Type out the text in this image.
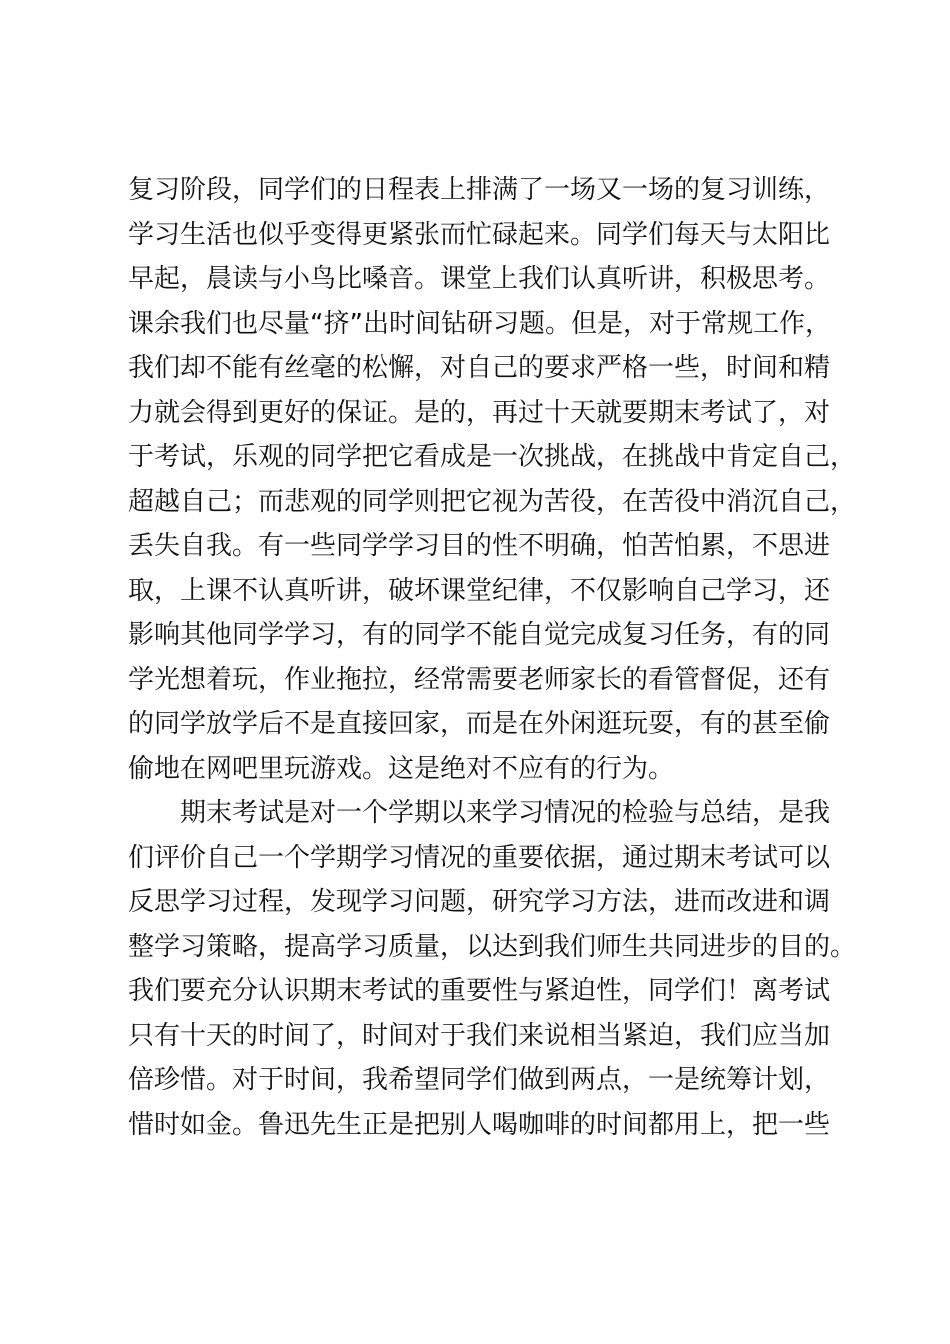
复习阶段，同学们的日程表上排满了一场又一场的复习训练，
学习生活也似乎变得更紧张而忙碌起来。同学们每天与太阳比
早起，晨读与小鸟比嗓音。课堂上我们认真听讲，积极思考。
课余我们也尽量“挤”出时间钻研习题。但是，对于常规工作，
我们却不能有丝毫的松懈，对自己的要求严格一些，时间和精
力就会得到更好的保证。是的，再过十天就要期末考试了，对
于考试，乐观的同学把它看成是一次挑战，在挑战中肯定自己，
超越自己；而悲观的同学则把它视为苦役，在苦役中消沉自己，
丢失自我。有一些同学学习目的性不明确，怕苦怕累，不思进
取，上课不认真听讲，破坏课堂纪律，不仅影响自己学习，还
影响其他同学学习，有的同学不能自觉完成复习任务，有的同
学光想着玩，作业拖拉，经常需要老师家长的看管督促，还有
的同学放学后不是直接回家，而是在外闲逛玩耍，有的甚至偷
偷地在网吧里玩游戏。这是绝对不应有的行为。
期末考试是对一个学期以来学习情况的检验与总结，是我
们评价自己一个学期学习情况的重要依据，通过期末考试可以
反思学习过程，发现学习问题，研究学习方法，进而改进和调
整学习策略，提高学习质量，以达到我们师生共同进步的目的。
我们要充分认识期末考试的重要性与紧迫性，同学们！离考试
只有十天的时间了，时间对于我们来说相当紧迫，我们应当加
倍珍惜。对于时间，我希望同学们做到两点，一是统筹计划，
惜时如金。鲁迅先生正是把别人喝咖啡的时间都用上，把一些
